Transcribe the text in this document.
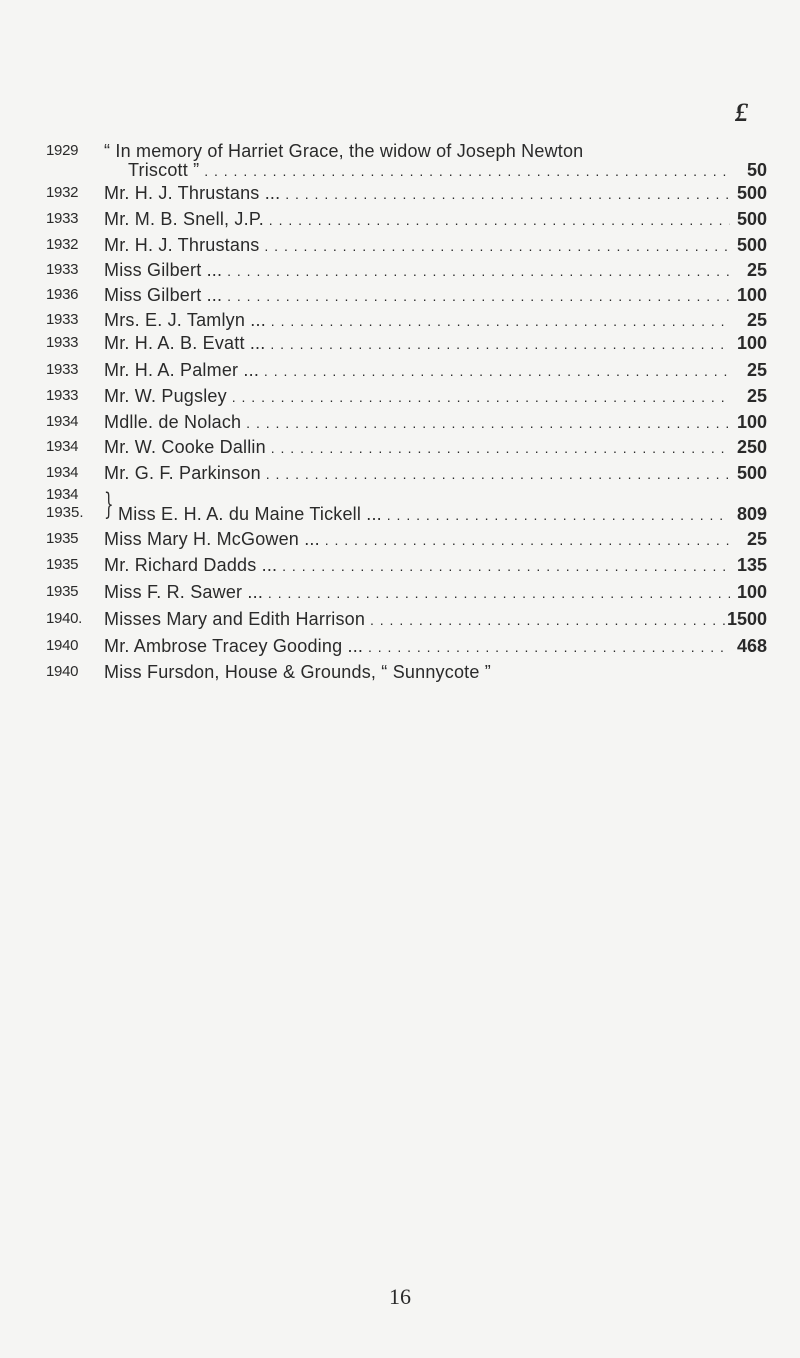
£
1929	“ In memory of Harriet Grace, the widow of Joseph Newton
Triscott ” . . .	50
1932	Mr. H. J. Thrustans ... . . .	500
1933	Mr. M. B. Snell, J.P. . . .	500
1932	Mr. H. J. Thrustans . . .	500
1933	Miss Gilbert ... . . .	25
1936	Miss Gilbert ... . . .	100
1933	Mrs. E. J. Tamlyn ... . . .	25
1933	Mr. H. A. B. Evatt ... . . .	100
1933	Mr. H. A. Palmer ... . . .	25
1933	Mr. W. Pugsley . . .	25
1934	Mdlle. de Nolach . . .	100
1934	Mr. W. Cooke Dallin . . .	250
1934	Mr. G. F. Parkinson . . .	500
1934
1935. } Miss E. H. A. du Maine Tickell ... . . .	809
1935	Miss Mary H. McGowen ... . . .	25
1935	Mr. Richard Dadds ... . . .	135
1935	Miss F. R. Sawer ... . . .	100
1940.	Misses Mary and Edith Harrison . . .	1500
1940	Mr. Ambrose Tracey Gooding ... . . .	468
1940	Miss Fursdon, House & Grounds, “ Sunnycote ”
16
